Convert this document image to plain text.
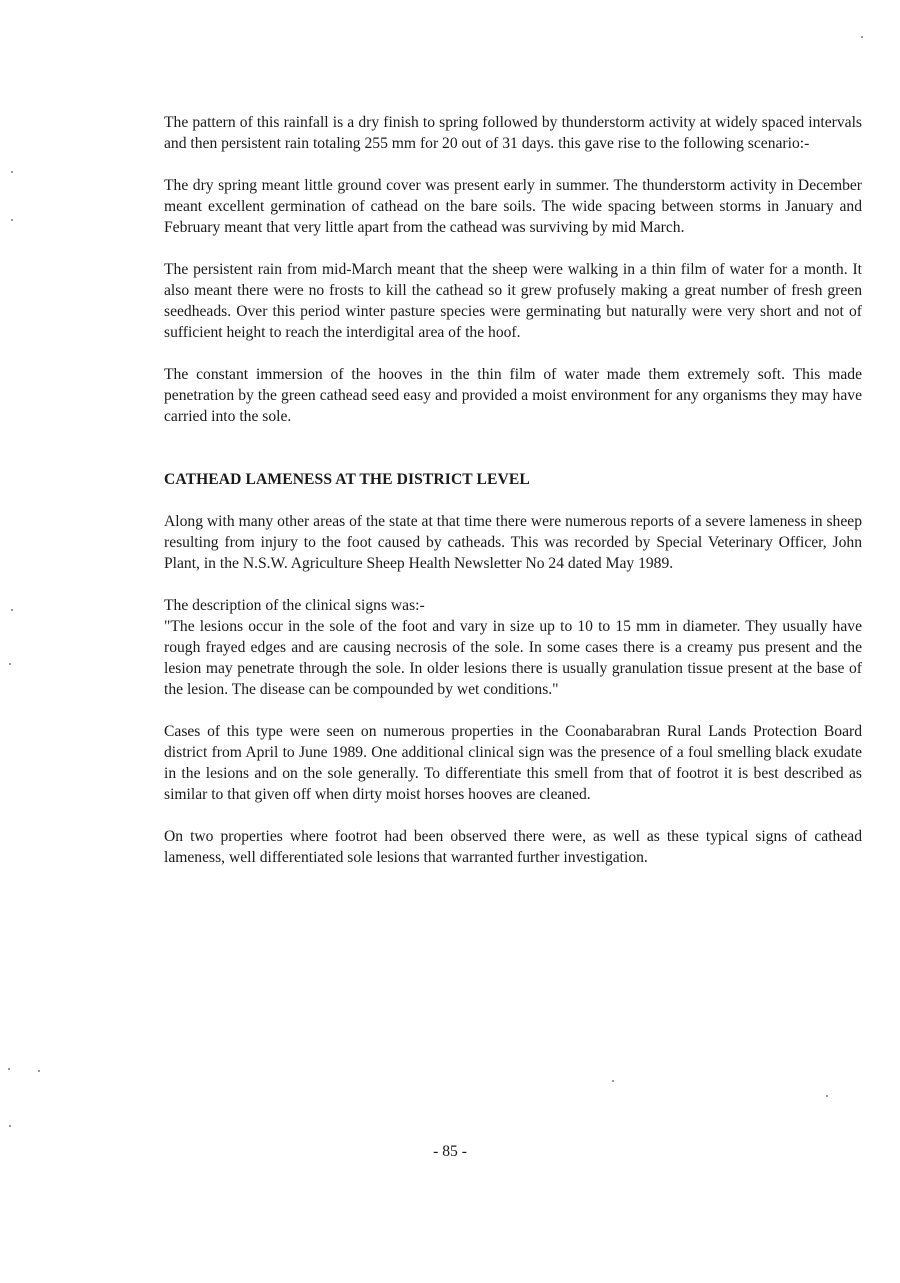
The pattern of this rainfall is a dry finish to spring followed by thunderstorm activity at widely spaced intervals and then persistent rain totaling 255 mm for 20 out of 31 days. this gave rise to the following scenario:-

The dry spring meant little ground cover was present early in summer. The thunderstorm activity in December meant excellent germination of cathead on the bare soils. The wide spacing between storms in January and February meant that very little apart from the cathead was surviving by mid March.

The persistent rain from mid-March meant that the sheep were walking in a thin film of water for a month. It also meant there were no frosts to kill the cathead so it grew profusely making a great number of fresh green seedheads. Over this period winter pasture species were germinating but naturally were very short and not of sufficient height to reach the interdigital area of the hoof.

The constant immersion of the hooves in the thin film of water made them extremely soft. This made penetration by the green cathead seed easy and provided a moist environment for any organisms they may have carried into the sole.

CATHEAD LAMENESS AT THE DISTRICT LEVEL

Along with many other areas of the state at that time there were numerous reports of a severe lameness in sheep resulting from injury to the foot caused by catheads. This was recorded by Special Veterinary Officer, John Plant, in the N.S.W. Agriculture Sheep Health Newsletter No 24 dated May 1989.

The description of the clinical signs was:-

"The lesions occur in the sole of the foot and vary in size up to 10 to 15 mm in diameter. They usually have rough frayed edges and are causing necrosis of the sole. In some cases there is a creamy pus present and the lesion may penetrate through the sole. In older lesions there is usually granulation tissue present at the base of the lesion. The disease can be compounded by wet conditions."

Cases of this type were seen on numerous properties in the Coonabarabran Rural Lands Protection Board district from April to June 1989. One additional clinical sign was the presence of a foul smelling black exudate in the lesions and on the sole generally. To differentiate this smell from that of footrot it is best described as similar to that given off when dirty moist horses hooves are cleaned.

On two properties where footrot had been observed there were, as well as these typical signs of cathead lameness, well differentiated sole lesions that warranted further investigation.

- 85 -
